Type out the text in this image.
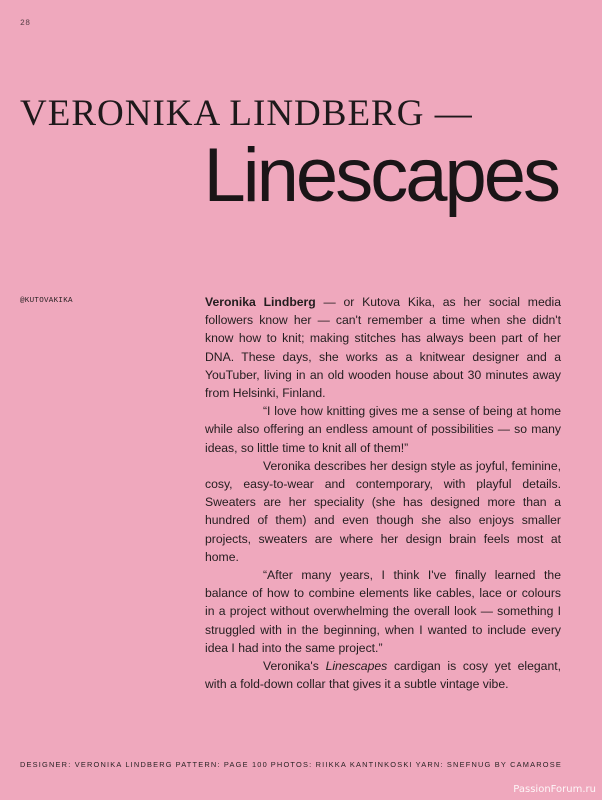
28
VERONIKA LINDBERG —
Linescapes
@KUTOVAKIKA	Veronika Lindberg — or Kutova Kika, as her social media followers know her — can't remember a time when she didn't know how to knit; making stitches has always been part of her DNA. These days, she works as a knitwear designer and a YouTuber, living in an old wooden house about 30 minutes away from Helsinki, Finland.

“I love how knitting gives me a sense of being at home while also offering an endless amount of possibilities — so many ideas, so little time to knit all of them!”

Veronika describes her design style as joyful, feminine, cosy, easy-to-wear and contemporary, with playful details. Sweaters are her speciality (she has designed more than a hundred of them) and even though she also enjoys smaller projects, sweaters are where her design brain feels most at home.

“After many years, I think I've finally learned the balance of how to combine elements like cables, lace or colours in a project without overwhelming the overall look — something I struggled with in the beginning, when I wanted to include every idea I had into the same project.”

Veronika's Linescapes cardigan is cosy yet elegant, with a fold-down collar that gives it a subtle vintage vibe.

DESIGNER: VERONIKA LINDBERG PATTERN: PAGE 100 PHOTOS: RIIKKA KANTINKOSKI YARN: SNEFNUG BY CAMAROSE
PassionForum.ru
